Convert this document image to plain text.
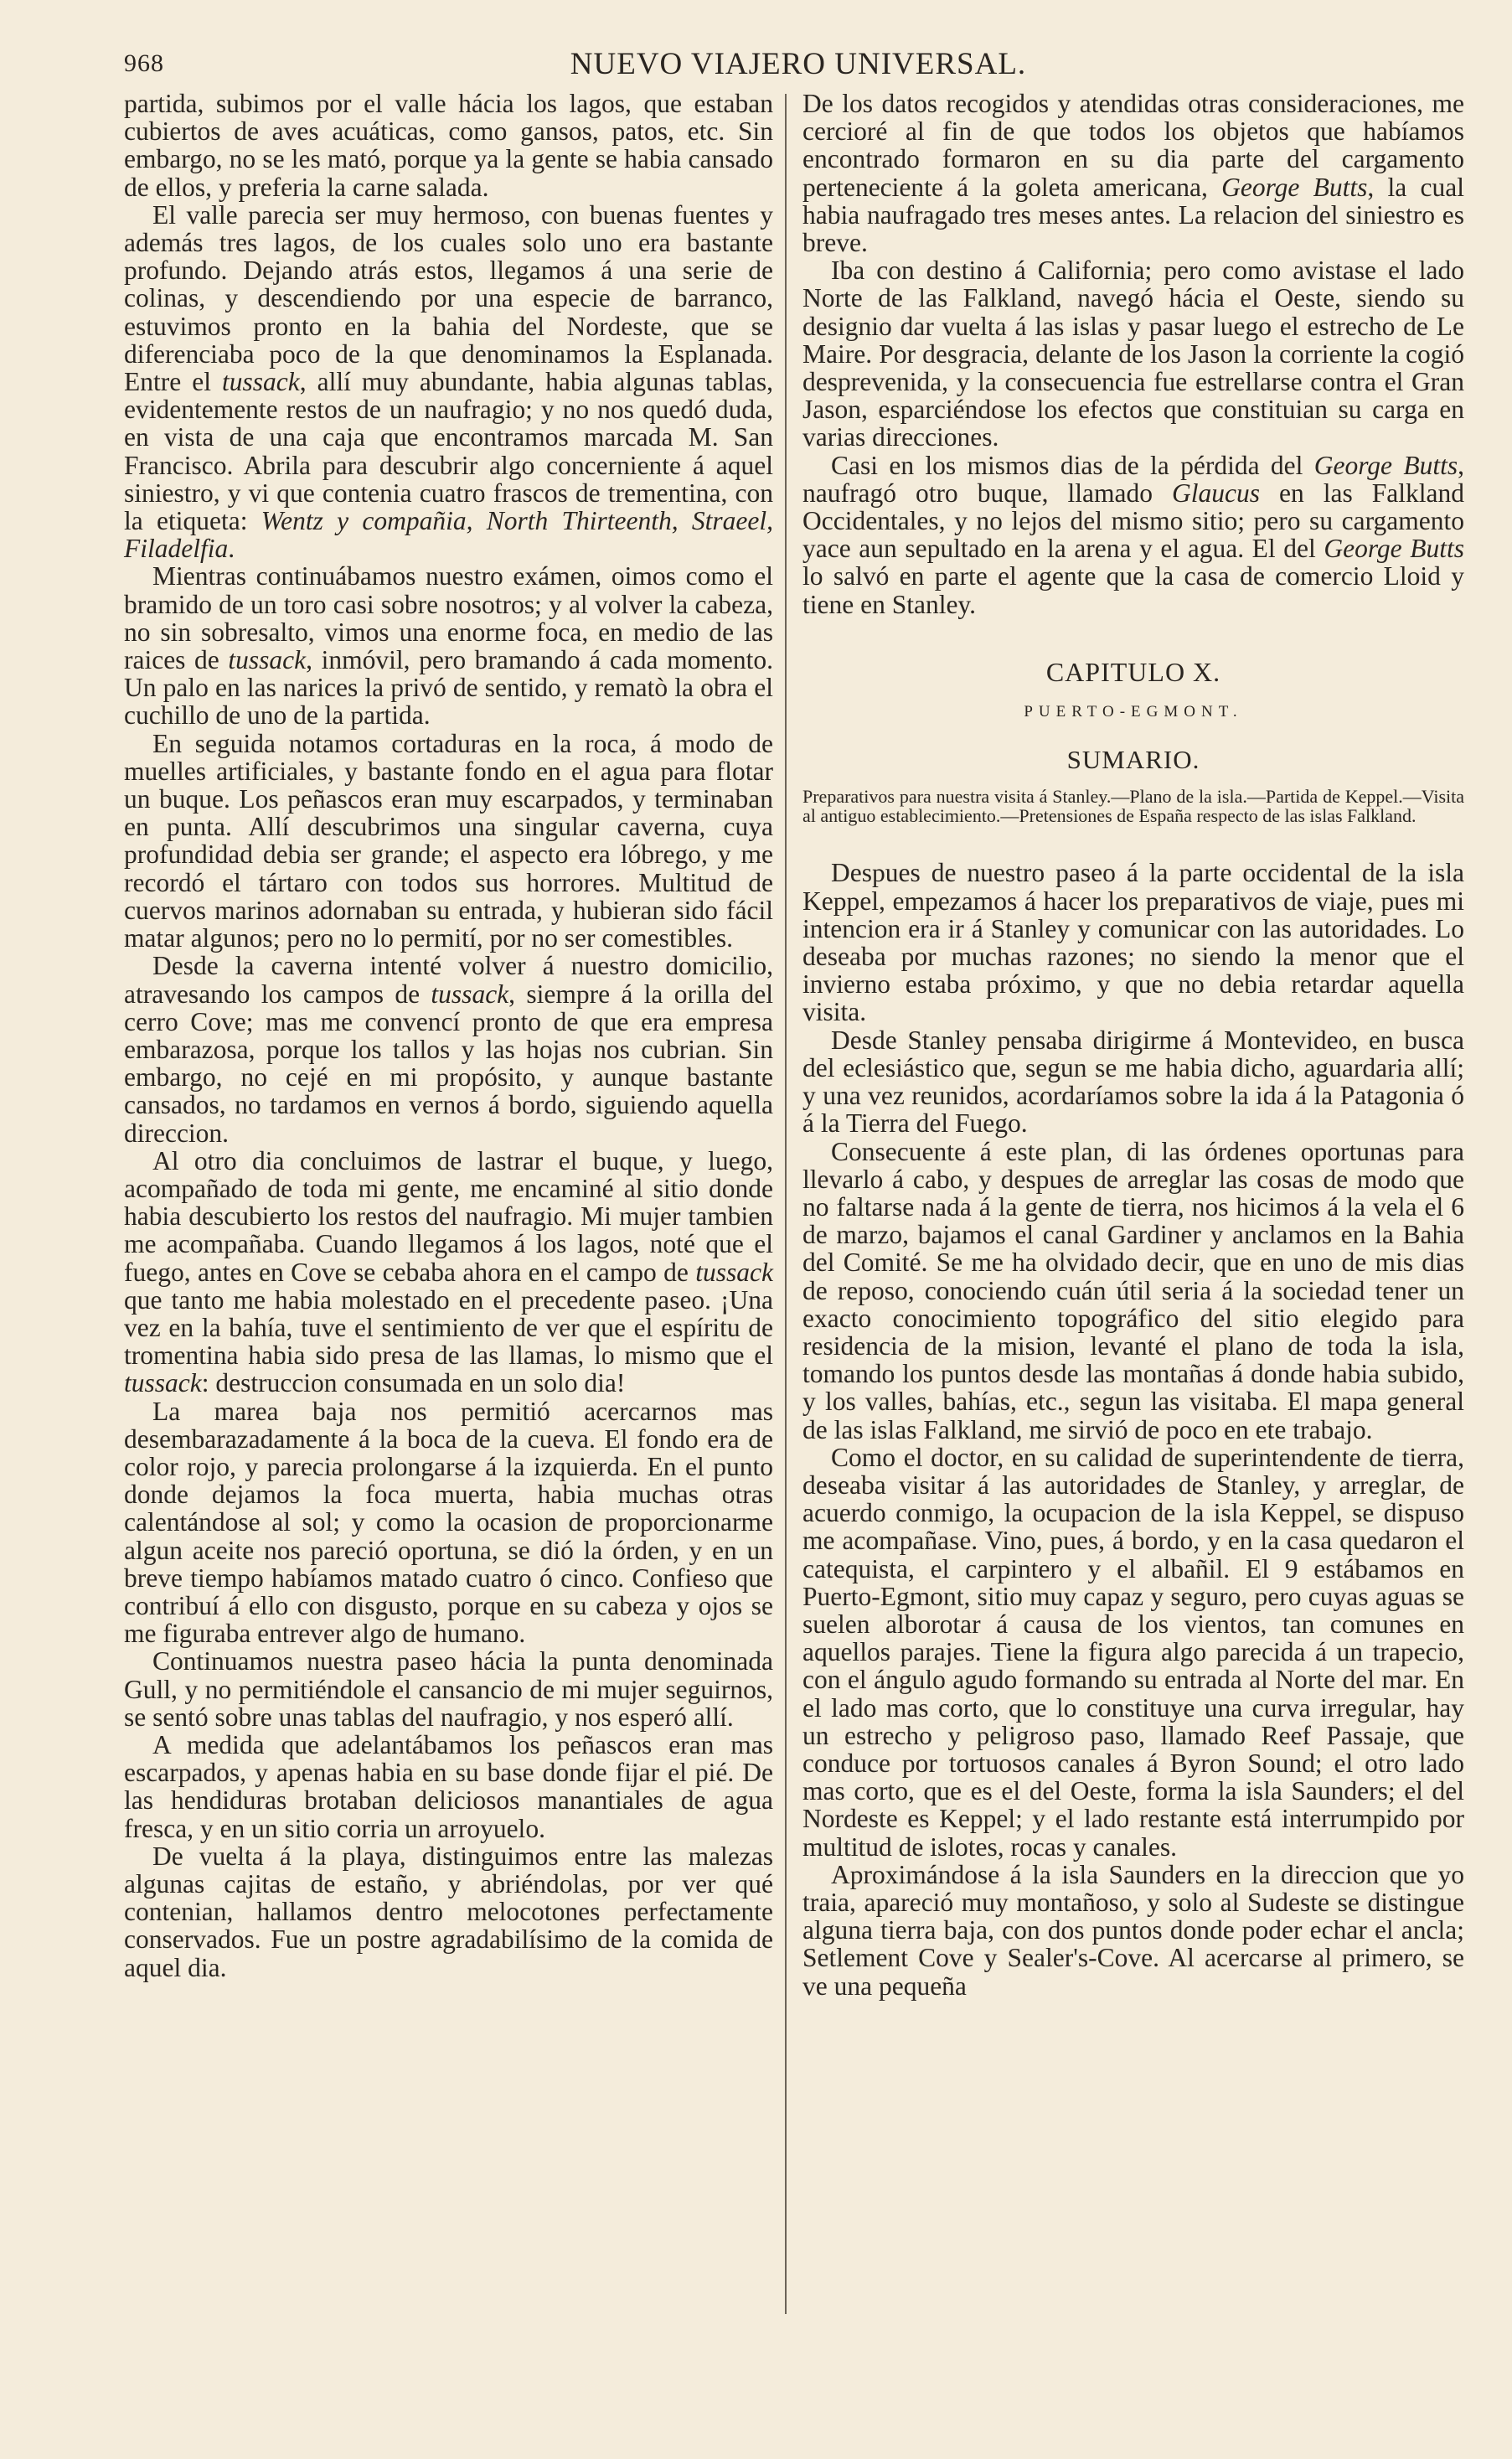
968	NUEVO VIAJERO UNIVERSAL.

partida, subimos por el valle hácia los lagos, que estaban cubiertos de aves acuáticas, como gansos, patos, etc. Sin embargo, no se les mató, porque ya la gente se habia cansado de ellos, y preferia la carne salada.

El valle parecia ser muy hermoso, con buenas fuentes y además tres lagos, de los cuales solo uno era bastante profundo. Dejando atrás estos, llegamos á una serie de colinas, y descendiendo por una especie de barranco, estuvimos pronto en la bahia del Nordeste, que se diferenciaba poco de la que denominamos la Esplanada. Entre el tussack, allí muy abundante, habia algunas tablas, evidentemente restos de un naufragio; y no nos quedó duda, en vista de una caja que encontramos marcada M. San Francisco. Abrila para descubrir algo concerniente á aquel siniestro, y vi que contenia cuatro frascos de trementina, con la etiqueta: Wentz y compañia, North Thirteenth, Straeel, Filadelfia.

Mientras continuábamos nuestro exámen, oimos como el bramido de un toro casi sobre nosotros; y al volver la cabeza, no sin sobresalto, vimos una enorme foca, en medio de las raices de tussack, inmóvil, pero bramando á cada momento. Un palo en las narices la privó de sentido, y rematò la obra el cuchillo de uno de la partida.

En seguida notamos cortaduras en la roca, á modo de muelles artificiales, y bastante fondo en el agua para flotar un buque. Los peñascos eran muy escarpados, y terminaban en punta. Allí descubrimos una singular caverna, cuya profundidad debia ser grande; el aspecto era lóbrego, y me recordó el tártaro con todos sus horrores. Multitud de cuervos marinos adornaban su entrada, y hubieran sido fácil matar algunos; pero no lo permití, por no ser comestibles.

Desde la caverna intenté volver á nuestro domicilio, atravesando los campos de tussack, siempre á la orilla del cerro Cove; mas me convencí pronto de que era empresa embarazosa, porque los tallos y las hojas nos cubrian. Sin embargo, no cejé en mi propósito, y aunque bastante cansados, no tardamos en vernos á bordo, siguiendo aquella direccion.

Al otro dia concluimos de lastrar el buque, y luego, acompañado de toda mi gente, me encaminé al sitio donde habia descubierto los restos del naufragio. Mi mujer tambien me acompañaba. Cuando llegamos á los lagos, noté que el fuego, antes en Cove se cebaba ahora en el campo de tussack que tanto me habia molestado en el precedente paseo. ¡Una vez en la bahía, tuve el sentimiento de ver que el espíritu de tromentina habia sido presa de las llamas, lo mismo que el tussack: destruccion consumada en un solo dia!

La marea baja nos permitió acercarnos mas desembarazadamente á la boca de la cueva. El fondo era de color rojo, y parecia prolongarse á la izquierda. En el punto donde dejamos la foca muerta, habia muchas otras calentándose al sol; y como la ocasion de proporcionarme algun aceite nos pareció oportuna, se dió la órden, y en un breve tiempo habíamos matado cuatro ó cinco. Confieso que contribuí á ello con disgusto, porque en su cabeza y ojos se me figuraba entrever algo de humano.

Continuamos nuestra paseo hácia la punta denominada Gull, y no permitiéndole el cansancio de mi mujer seguirnos, se sentó sobre unas tablas del naufragio, y nos esperó allí.

A medida que adelantábamos los peñascos eran mas escarpados, y apenas habia en su base donde fijar el pié. De las hendiduras brotaban deliciosos manantiales de agua fresca, y en un sitio corria un arroyuelo.

De vuelta á la playa, distinguimos entre las malezas algunas cajitas de estaño, y abriéndolas, por ver qué contenian, hallamos dentro melocotones perfectamente conservados. Fue un postre agradabilísimo de la comida de aquel dia.

De los datos recogidos y atendidas otras consideraciones, me cercioré al fin de que todos los objetos que habíamos encontrado formaron en su dia parte del cargamento perteneciente á la goleta americana, George Butts, la cual habia naufragado tres meses antes. La relacion del siniestro es breve.

Iba con destino á California; pero como avistase el lado Norte de las Falkland, navegó hácia el Oeste, siendo su designio dar vuelta á las islas y pasar luego el estrecho de Le Maire. Por desgracia, delante de los Jason la corriente la cogió desprevenida, y la consecuencia fue estrellarse contra el Gran Jason, esparciéndose los efectos que constituian su carga en varias direcciones.

Casi en los mismos dias de la pérdida del George Butts, naufragó otro buque, llamado Glaucus en las Falkland Occidentales, y no lejos del mismo sitio; pero su cargamento yace aun sepultado en la arena y el agua. El del George Butts lo salvó en parte el agente que la casa de comercio Lloid y tiene en Stanley.

CAPITULO X.
PUERTO-EGMONT.
SUMARIO.

Preparativos para nuestra visita á Stanley.—Plano de la isla.—Partida de Keppel.—Visita al antiguo establecimiento.—Pretensiones de España respecto de las islas Falkland.

Despues de nuestro paseo á la parte occidental de la isla Keppel, empezamos á hacer los preparativos de viaje, pues mi intencion era ir á Stanley y comunicar con las autoridades. Lo deseaba por muchas razones; no siendo la menor que el invierno estaba próximo, y que no debia retardar aquella visita.

Desde Stanley pensaba dirigirme á Montevideo, en busca del eclesiástico que, segun se me habia dicho, aguardaria allí; y una vez reunidos, acordaríamos sobre la ida á la Patagonia ó á la Tierra del Fuego.

Consecuente á este plan, di las órdenes oportunas para llevarlo á cabo, y despues de arreglar las cosas de modo que no faltarse nada á la gente de tierra, nos hicimos á la vela el 6 de marzo, bajamos el canal Gardiner y anclamos en la Bahia del Comité. Se me ha olvidado decir, que en uno de mis dias de reposo, conociendo cuán útil seria á la sociedad tener un exacto conocimiento topográfico del sitio elegido para residencia de la mision, levanté el plano de toda la isla, tomando los puntos desde las montañas á donde habia subido, y los valles, bahías, etc., segun las visitaba. El mapa general de las islas Falkland, me sirvió de poco en ete trabajo.

Como el doctor, en su calidad de superintendente de tierra, deseaba visitar á las autoridades de Stanley, y arreglar, de acuerdo conmigo, la ocupacion de la isla Keppel, se dispuso me acompañase. Vino, pues, á bordo, y en la casa quedaron el catequista, el carpintero y el albañil. El 9 estábamos en Puerto-Egmont, sitio muy capaz y seguro, pero cuyas aguas se suelen alborotar á causa de los vientos, tan comunes en aquellos parajes. Tiene la figura algo parecida á un trapecio, con el ángulo agudo formando su entrada al Norte del mar. En el lado mas corto, que lo constituye una curva irregular, hay un estrecho y peligroso paso, llamado Reef Passaje, que conduce por tortuosos canales á Byron Sound; el otro lado mas corto, que es el del Oeste, forma la isla Saunders; el del Nordeste es Keppel; y el lado restante está interrumpido por multitud de islotes, rocas y canales.

Aproximándose á la isla Saunders en la direccion que yo traia, apareció muy montañoso, y solo al Sudeste se distingue alguna tierra baja, con dos puntos donde poder echar el ancla; Setlement Cove y Sealer's-Cove. Al acercarse al primero, se ve una pequeña
